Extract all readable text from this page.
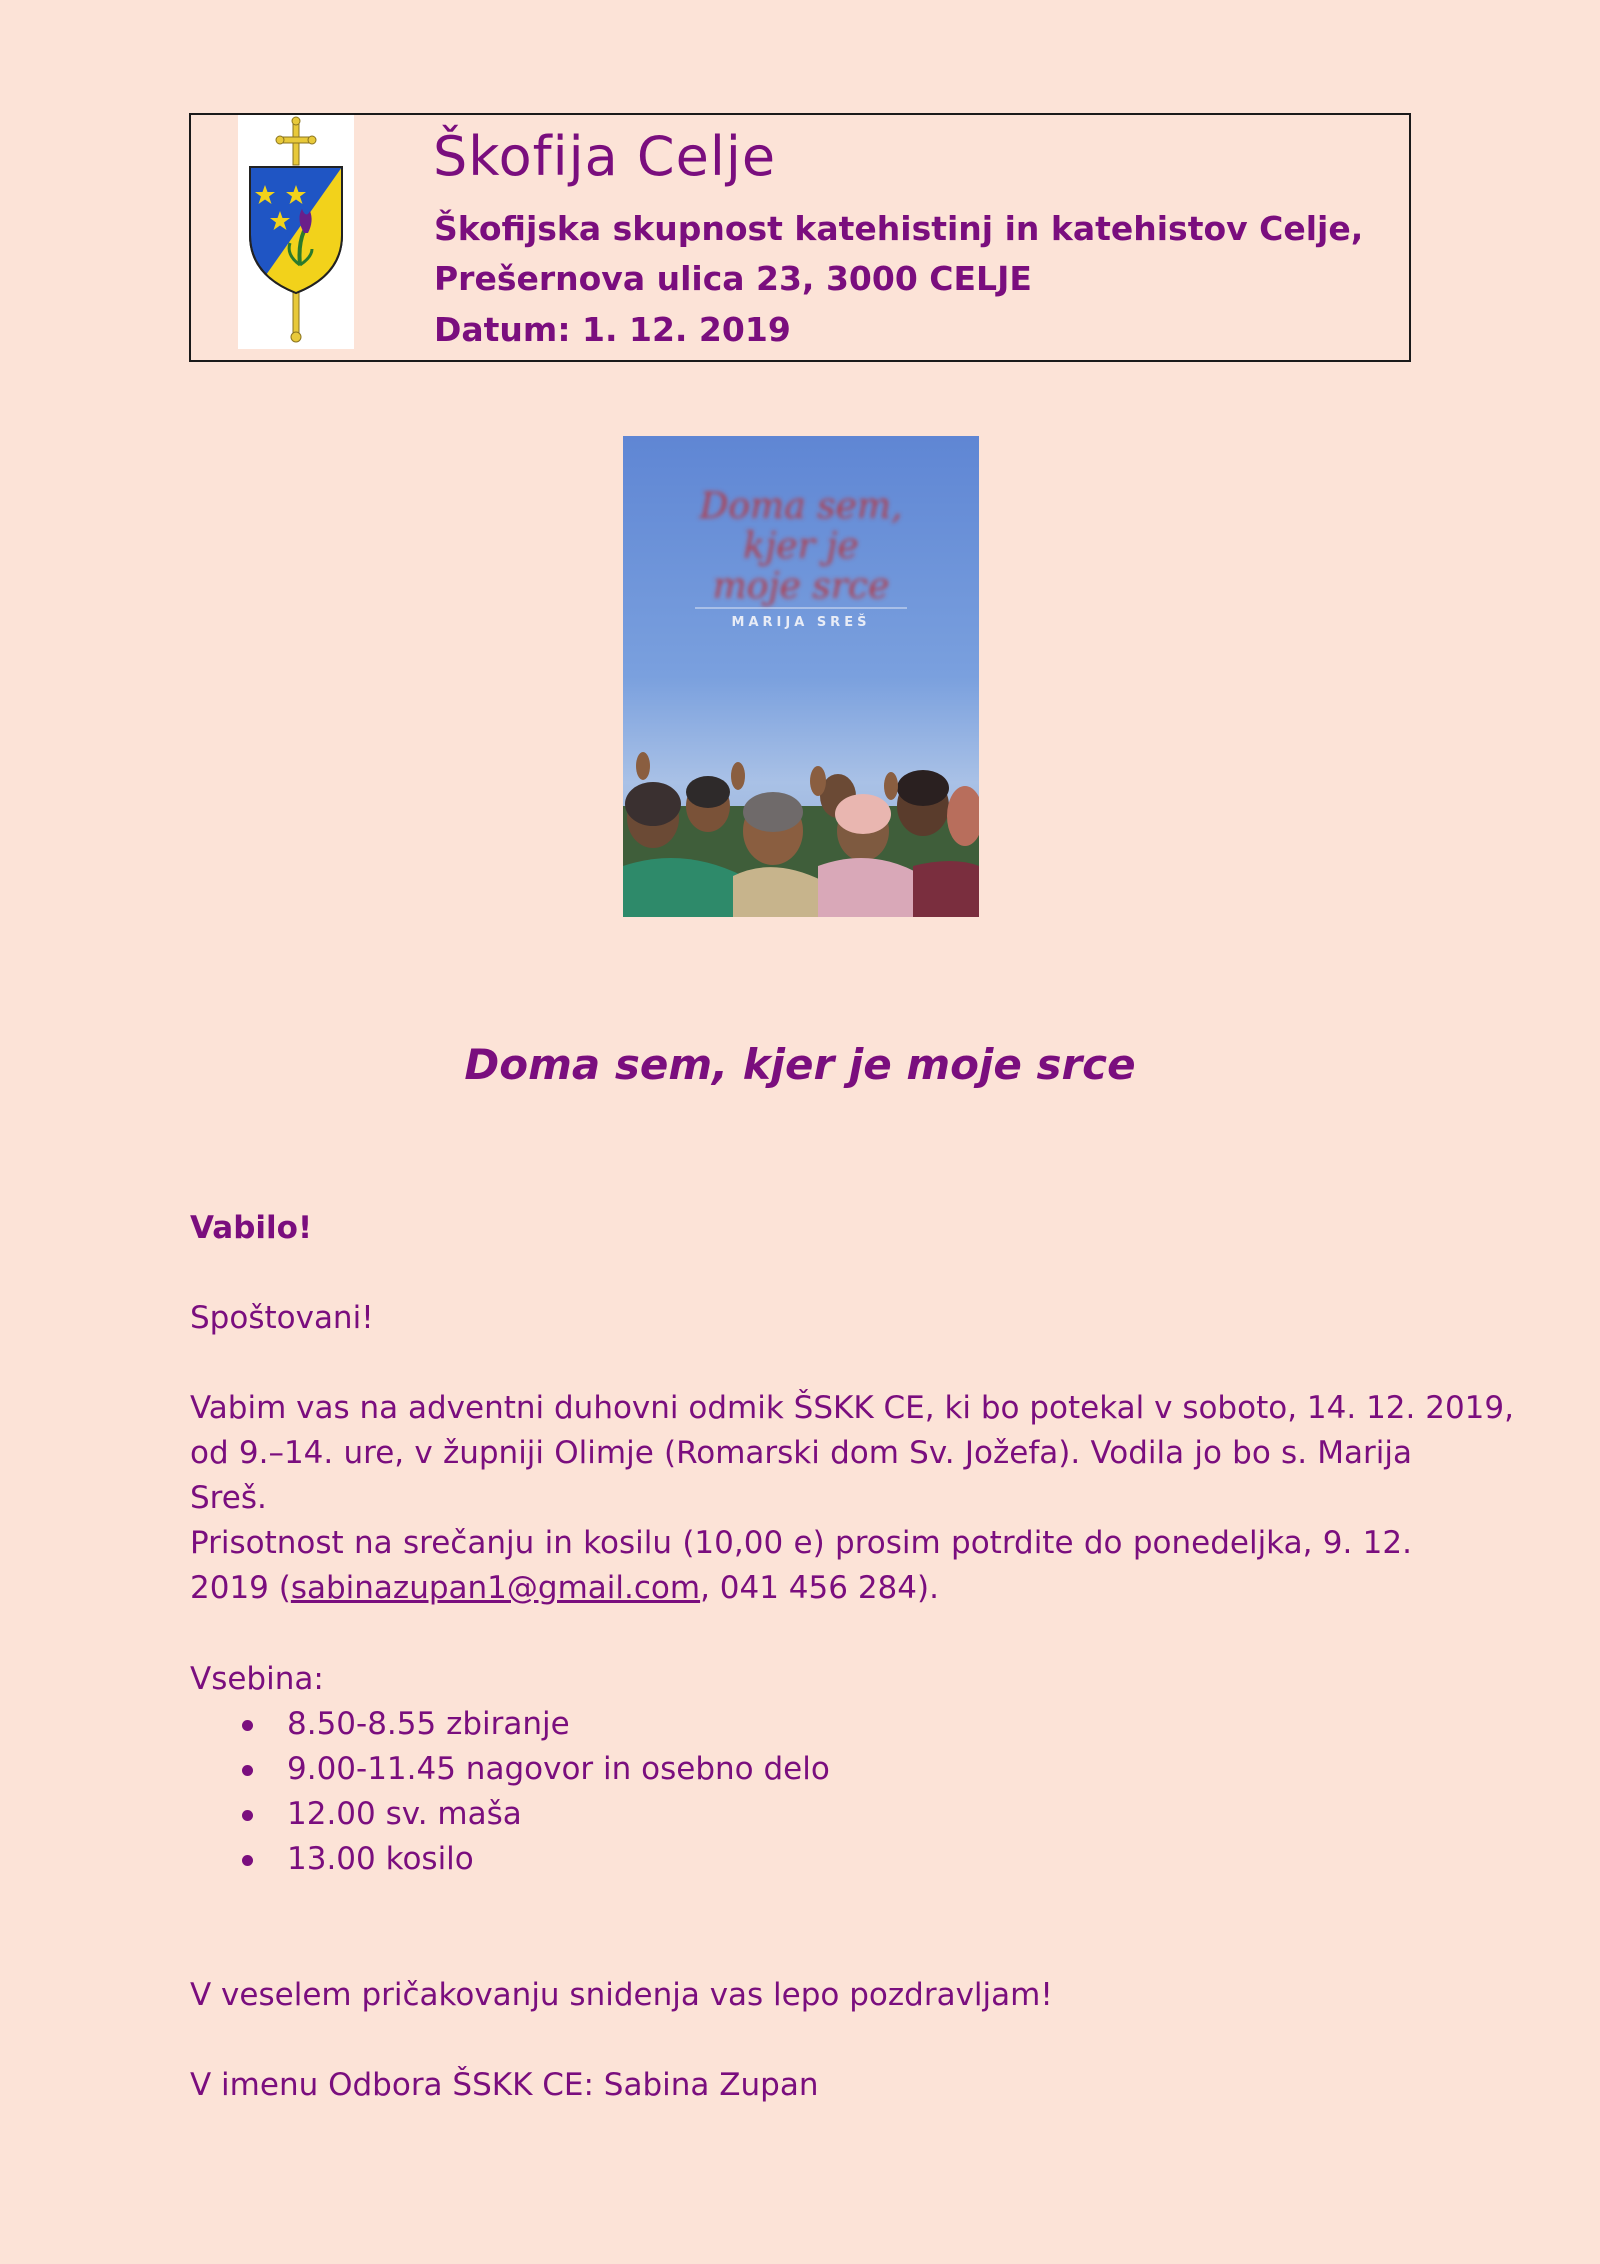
Škofija Celje
Škofijska skupnost katehistinj in katehistov Celje,
Prešernova ulica 23, 3000 CELJE
Datum: 1. 12. 2019
Doma sem,
kjer je
moje srce
MARIJA SREŠ
Doma sem, kjer je moje srce
Vabilo!
Spoštovani!
Vabim vas na adventni duhovni odmik ŠSKK CE, ki bo potekal v soboto, 14. 12. 2019,
od 9.–14. ure, v župniji Olimje (Romarski dom Sv. Jožefa). Vodila jo bo s. Marija
Sreš.
Prisotnost na srečanju in kosilu (10,00 e) prosim potrdite do ponedeljka, 9. 12.
2019 (sabinazupan1@gmail.com, 041 456 284).
Vsebina:
8.50-8.55 zbiranje
9.00-11.45 nagovor in osebno delo
12.00 sv. maša
13.00 kosilo
V veselem pričakovanju snidenja vas lepo pozdravljam!
V imenu Odbora ŠSKK CE: Sabina Zupan
